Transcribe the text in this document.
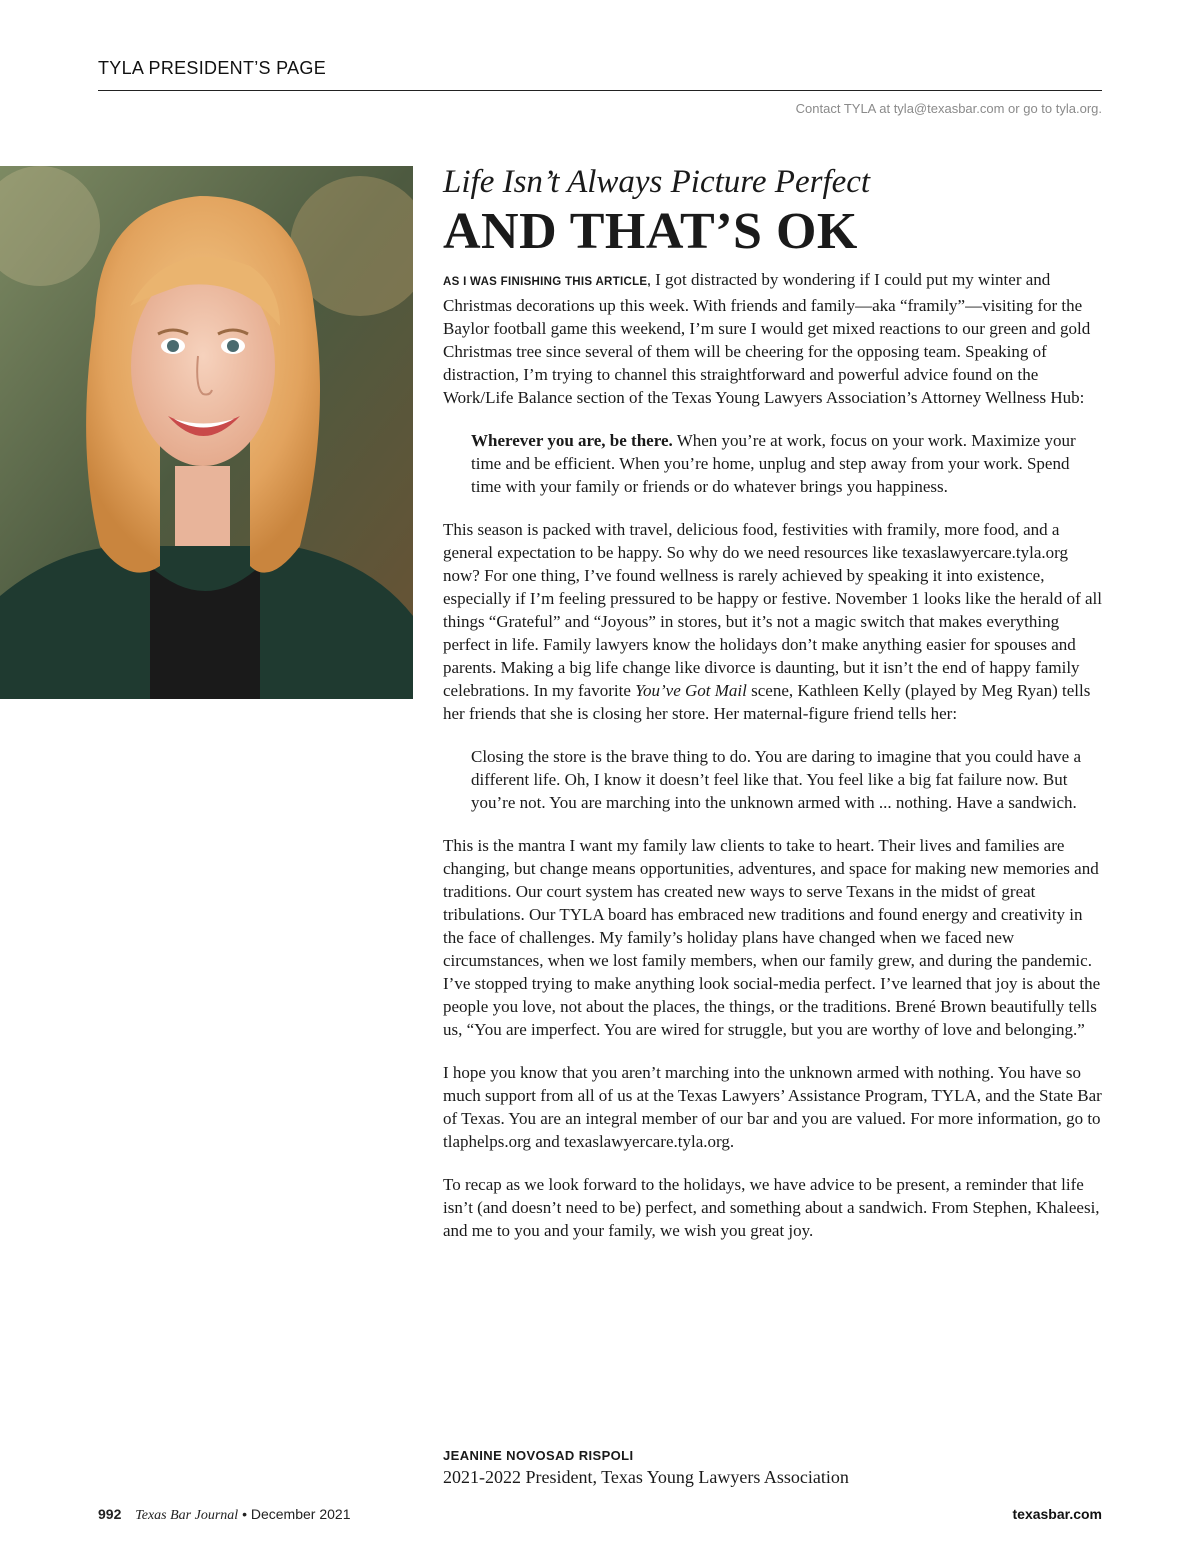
TYLA PRESIDENT’S PAGE
Contact TYLA at tyla@texasbar.com or go to tyla.org.
Life Isn’t Always Picture Perfect
AND THAT’S OK

AS I WAS FINISHING THIS ARTICLE, I got distracted by wondering if I could put my winter and Christmas decorations up this week. With friends and family—aka “framily”—visiting for the Baylor football game this weekend, I’m sure I would get mixed reactions to our green and gold Christmas tree since several of them will be cheering for the opposing team. Speaking of distraction, I’m trying to channel this straightforward and powerful advice found on the Work/Life Balance section of the Texas Young Lawyers Association’s Attorney Wellness Hub:

Wherever you are, be there. When you’re at work, focus on your work. Maximize your time and be efficient. When you’re home, unplug and step away from your work. Spend time with your family or friends or do whatever brings you happiness.

This season is packed with travel, delicious food, festivities with framily, more food, and a general expectation to be happy. So why do we need resources like texaslawyercare.tyla.org now? For one thing, I’ve found wellness is rarely achieved by speaking it into existence, especially if I’m feeling pressured to be happy or festive. November 1 looks like the herald of all things “Grateful” and “Joyous” in stores, but it’s not a magic switch that makes everything perfect in life. Family lawyers know the holidays don’t make anything easier for spouses and parents. Making a big life change like divorce is daunting, but it isn’t the end of happy family celebrations. In my favorite You’ve Got Mail scene, Kathleen Kelly (played by Meg Ryan) tells her friends that she is closing her store. Her maternal-figure friend tells her:

Closing the store is the brave thing to do. You are daring to imagine that you could have a different life. Oh, I know it doesn’t feel like that. You feel like a big fat failure now. But you’re not. You are marching into the unknown armed with ... nothing. Have a sandwich.

This is the mantra I want my family law clients to take to heart. Their lives and families are changing, but change means opportunities, adventures, and space for making new memories and traditions. Our court system has created new ways to serve Texans in the midst of great tribulations. Our TYLA board has embraced new traditions and found energy and creativity in the face of challenges. My family’s holiday plans have changed when we faced new circumstances, when we lost family members, when our family grew, and during the pandemic. I’ve stopped trying to make anything look social-media perfect. I’ve learned that joy is about the people you love, not about the places, the things, or the traditions. Brené Brown beautifully tells us, “You are imperfect. You are wired for struggle, but you are worthy of love and belonging.”

I hope you know that you aren’t marching into the unknown armed with nothing. You have so much support from all of us at the Texas Lawyers’ Assistance Program, TYLA, and the State Bar of Texas. You are an integral member of our bar and you are valued. For more information, go to tlaphelps.org and texaslawyercare.tyla.org.

To recap as we look forward to the holidays, we have advice to be present, a reminder that life isn’t (and doesn’t need to be) perfect, and something about a sandwich. From Stephen, Khaleesi, and me to you and your family, we wish you great joy.

JEANINE NOVOSAD RISPOLI
2021-2022 President, Texas Young Lawyers Association
992 Texas Bar Journal • December 2021	texasbar.com
